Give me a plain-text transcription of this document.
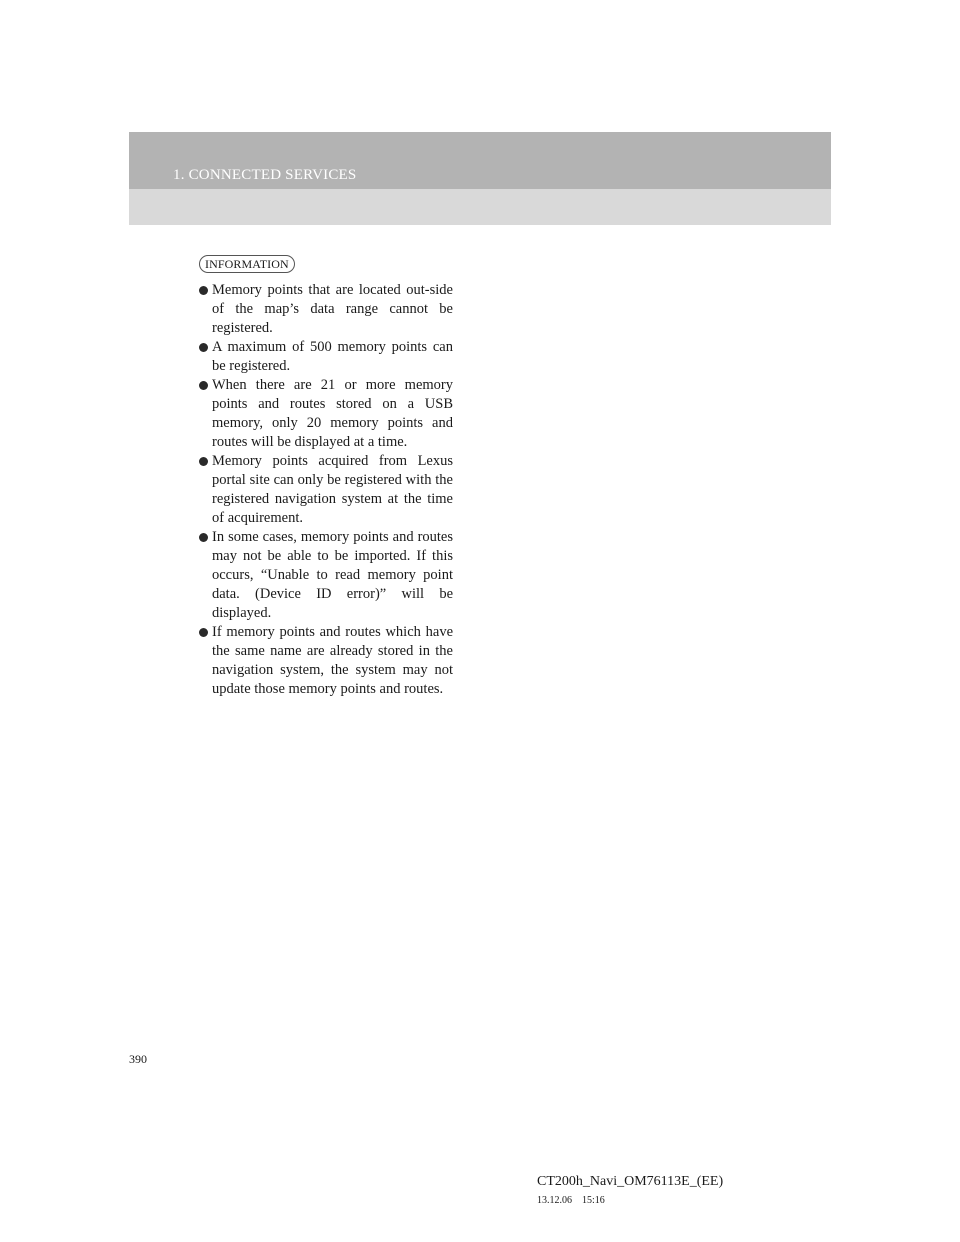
1. CONNECTED SERVICES
INFORMATION
Memory points that are located out-side of the map’s data range cannot be registered.
A maximum of 500 memory points can be registered.
When there are 21 or more memory points and routes stored on a USB memory, only 20 memory points and routes will be displayed at a time.
Memory points acquired from Lexus portal site can only be registered with the registered navigation system at the time of acquirement.
In some cases, memory points and routes may not be able to be imported. If this occurs, “Unable to read memory point data. (Device ID error)” will be displayed.
If memory points and routes which have the same name are already stored in the navigation system, the system may not update those memory points and routes.
390
CT200h_Navi_OM76113E_(EE)
13.12.06    15:16
